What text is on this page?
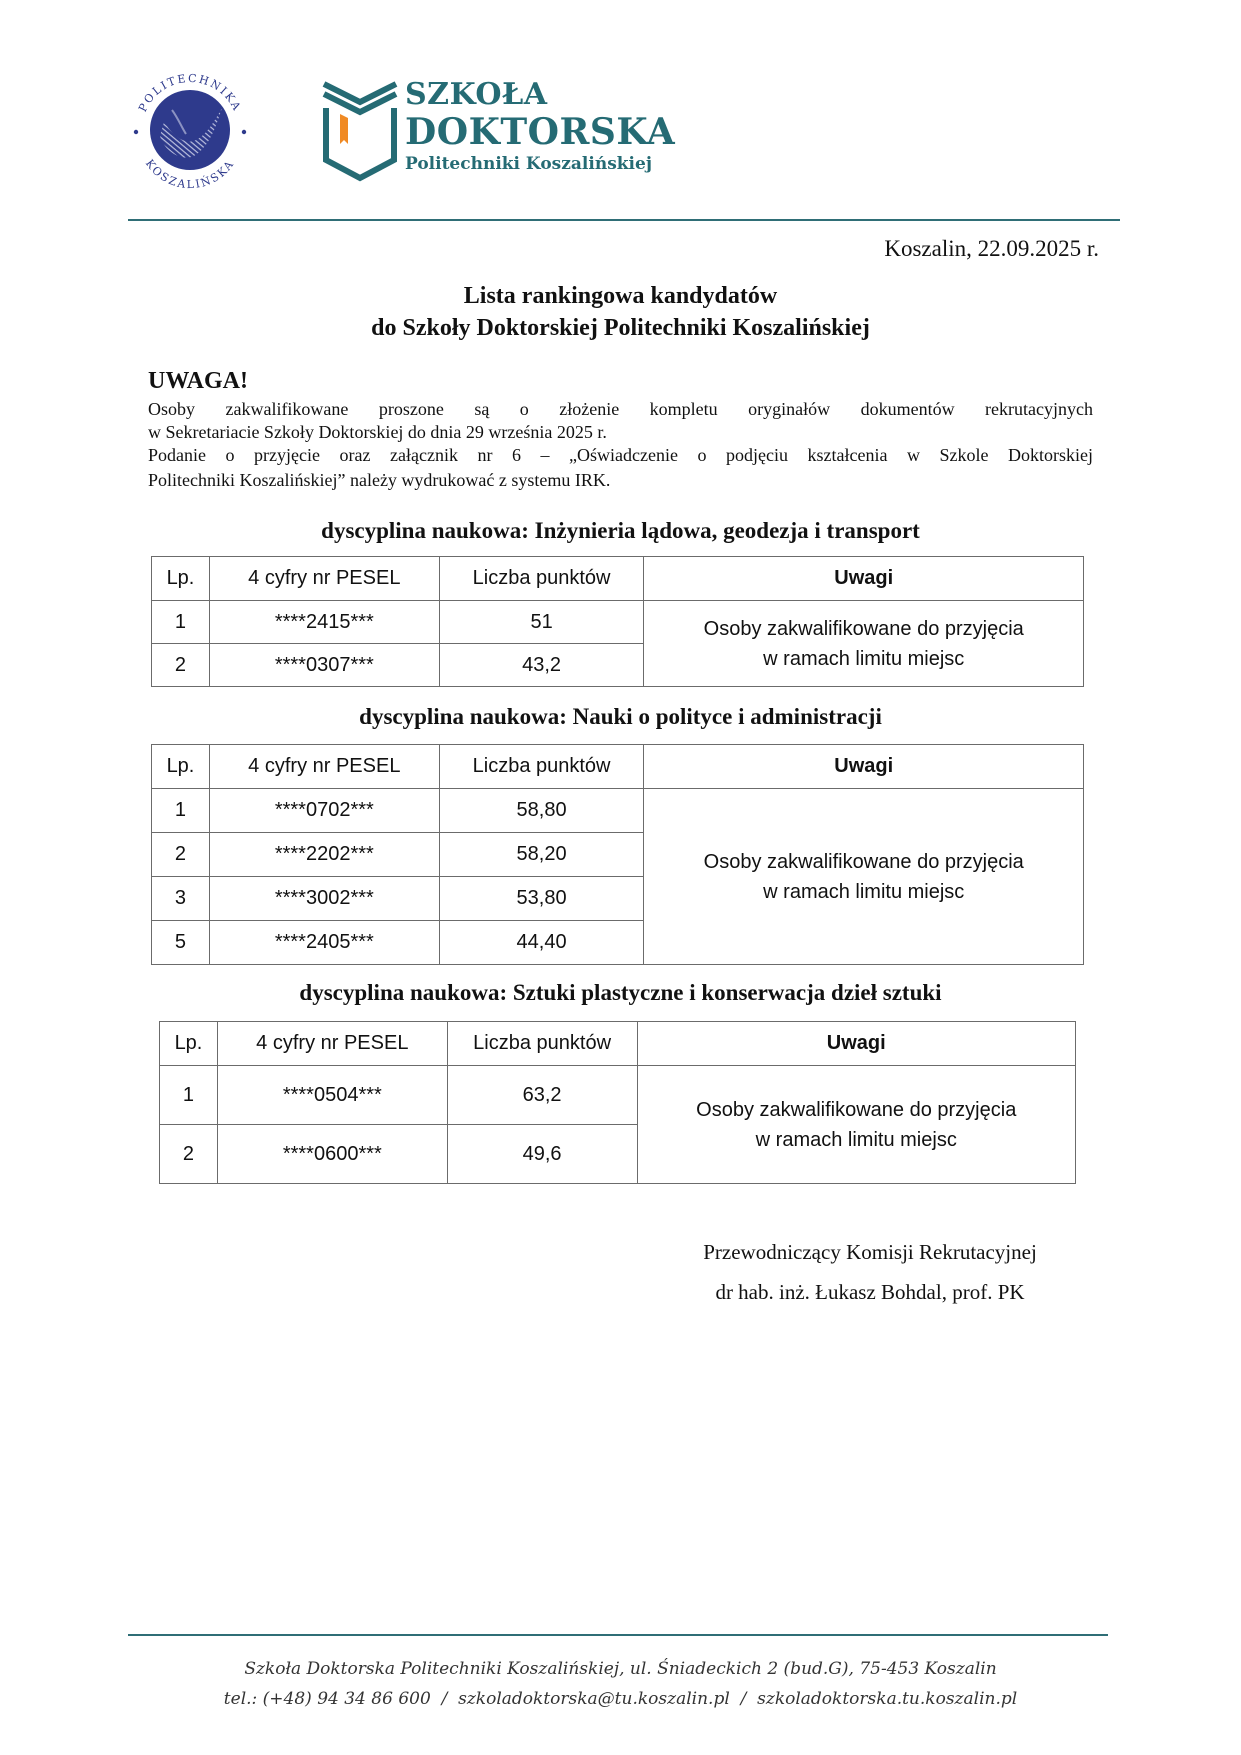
POLITECHNIKA
KOSZALIŃSKA
SZKOŁA
DOKTORSKA
Politechniki Koszalińskiej
Koszalin, 22.09.2025 r.
Lista rankingowa kandydatów
do Szkoły Doktorskiej Politechniki Koszalińskiej
UWAGA!

Osoby zakwalifikowane proszone są o złożenie kompletu oryginałów dokumentów rekrutacyjnych

w Sekretariacie Szkoły Doktorskiej do dnia 29 września 2025 r.

Podanie o przyjęcie oraz załącznik nr 6 – „Oświadczenie o podjęciu kształcenia w Szkole Doktorskiej

Politechniki Koszalińskiej” należy wydrukować z systemu IRK.

dyscyplina naukowa: Inżynieria lądowa, geodezja i transport
Lp.	4 cyfry nr PESEL	Liczba punktów	Uwagi
1	****2415***	51	Osoby zakwalifikowane do przyjęcia
w ramach limitu miejsc

2	****0307***	43,2	
dyscyplina naukowa: Nauki o polityce i administracji
Lp.	4 cyfry nr PESEL	Liczba punktów	Uwagi
1	****0702***	58,80	Osoby zakwalifikowane do przyjęcia
w ramach limitu miejsc

2	****2202***	58,20	
3	****3002***	53,80	
5	****2405***	44,40	
dyscyplina naukowa: Sztuki plastyczne i konserwacja dzieł sztuki
Lp.	4 cyfry nr PESEL	Liczba punktów	Uwagi
1	****0504***	63,2	Osoby zakwalifikowane do przyjęcia
w ramach limitu miejsc

2	****0600***	49,6	
Przewodniczący Komisji Rekrutacyjnej
dr hab. inż. Łukasz Bohdal, prof. PK
Szkoła Doktorska Politechniki Koszalińskiej, ul. Śniadeckich 2 (bud.G), 75-453 Koszalin
tel.: (+48) 94 34 86 600 / szkoladoktorska@tu.koszalin.pl / szkoladoktorska.tu.koszalin.pl
